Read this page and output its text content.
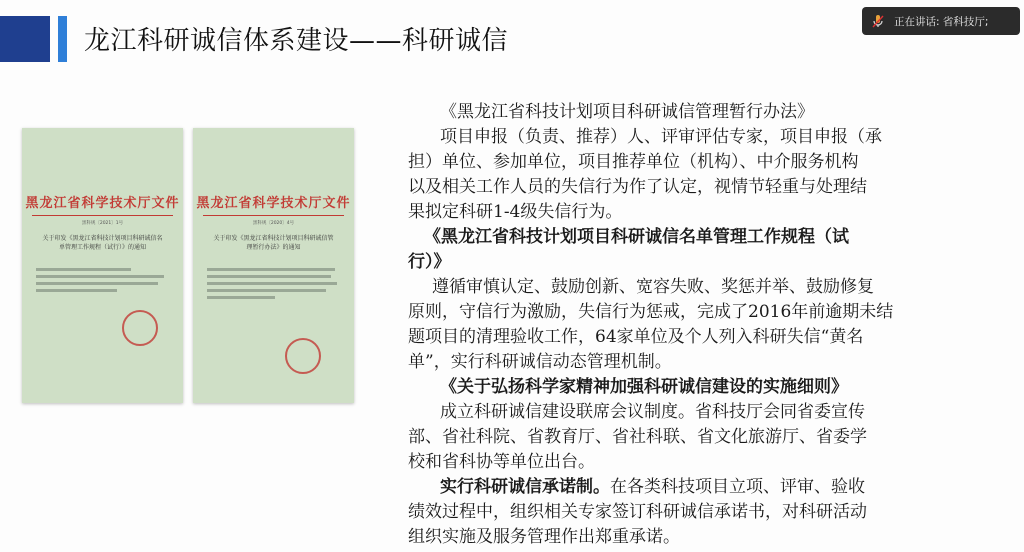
龙江科研诚信体系建设——科研诚信
正在讲话: 省科技厅;
黑龙江省科学技术厅文件
黑科规〔2021〕1号
关于印发《黑龙江省科技计划项目科研诚信名单管理工作规程（试行）》的通知
黑龙江省科学技术厅文件
黑科规〔2020〕4号
关于印发《黑龙江省科技计划项目科研诚信管理暂行办法》的通知

《黑龙江省科技计划项目科研诚信管理暂行办法》

项目申报（负责、推荐）人、评审评估专家，项目申报（承

担）单位、参加单位，项目推荐单位（机构）、中介服务机构

以及相关工作人员的失信行为作了认定，视情节轻重与处理结

果拟定科研1-4级失信行为。

《黑龙江省科技计划项目科研诚信名单管理工作规程（试

行）》

遵循审慎认定、鼓励创新、宽容失败、奖惩并举、鼓励修复

原则，守信行为激励，失信行为惩戒，完成了2016年前逾期未结

题项目的清理验收工作，64家单位及个人列入科研失信“黄名

单”，实行科研诚信动态管理机制。

《关于弘扬科学家精神加强科研诚信建设的实施细则》

成立科研诚信建设联席会议制度。省科技厅会同省委宣传

部、省社科院、省教育厅、省社科联、省文化旅游厅、省委学

校和省科协等单位出台。

实行科研诚信承诺制。在各类科技项目立项、评审、验收

绩效过程中，组织相关专家签订科研诚信承诺书，对科研活动

组织实施及服务管理作出郑重承诺。
